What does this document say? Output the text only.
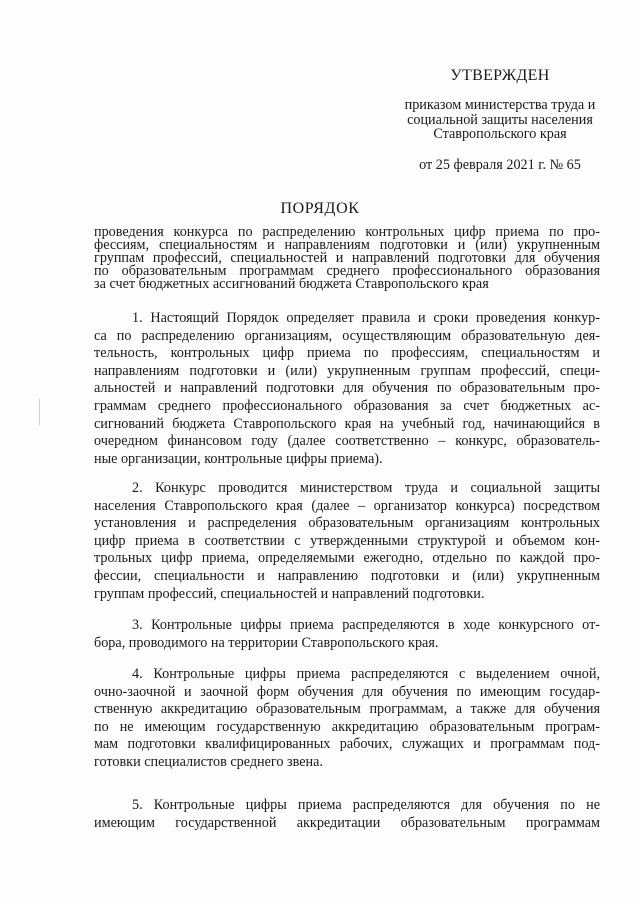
УТВЕРЖДЕН
приказом министерства труда и
социальной защиты населения
Ставропольского края
от 25 февраля 2021 г. № 65
ПОРЯДОК
проведения конкурса по распределению контрольных цифр приема по про-
фессиям, специальностям и направлениям подготовки и (или) укрупненным
группам профессий, специальностей и направлений подготовки для обучения
по образовательным программам среднего профессионального образования
за счет бюджетных ассигнований бюджета Ставропольского края
1. Настоящий Порядок определяет правила и сроки проведения конкур-
са по распределению организациям, осуществляющим образовательную дея-
тельность, контрольных цифр приема по профессиям, специальностям и
направлениям подготовки и (или) укрупненным группам профессий, специ-
альностей и направлений подготовки для обучения по образовательным про-
граммам среднего профессионального образования за счет бюджетных ас-
сигнований бюджета Ставропольского края на учебный год, начинающийся в
очередном финансовом году (далее соответственно – конкурс, образователь-
ные организации, контрольные цифры приема).
2. Конкурс проводится министерством труда и социальной защиты
населения Ставропольского края (далее – организатор конкурса) посредством
установления и распределения образовательным организациям контрольных
цифр приема в соответствии с утвержденными структурой и объемом кон-
трольных цифр приема, определяемыми ежегодно, отдельно по каждой про-
фессии, специальности и направлению подготовки и (или) укрупненным
группам профессий, специальностей и направлений подготовки.
3. Контрольные цифры приема распределяются в ходе конкурсного от-
бора, проводимого на территории Ставропольского края.
4. Контрольные цифры приема распределяются с выделением очной,
очно-заочной и заочной форм обучения для обучения по имеющим государ-
ственную аккредитацию образовательным программам, а также для обучения
по не имеющим государственную аккредитацию образовательным програм-
мам подготовки квалифицированных рабочих, служащих и программам под-
готовки специалистов среднего звена.
5. Контрольные цифры приема распределяются для обучения по не
имеющим государственной аккредитации образовательным программам
